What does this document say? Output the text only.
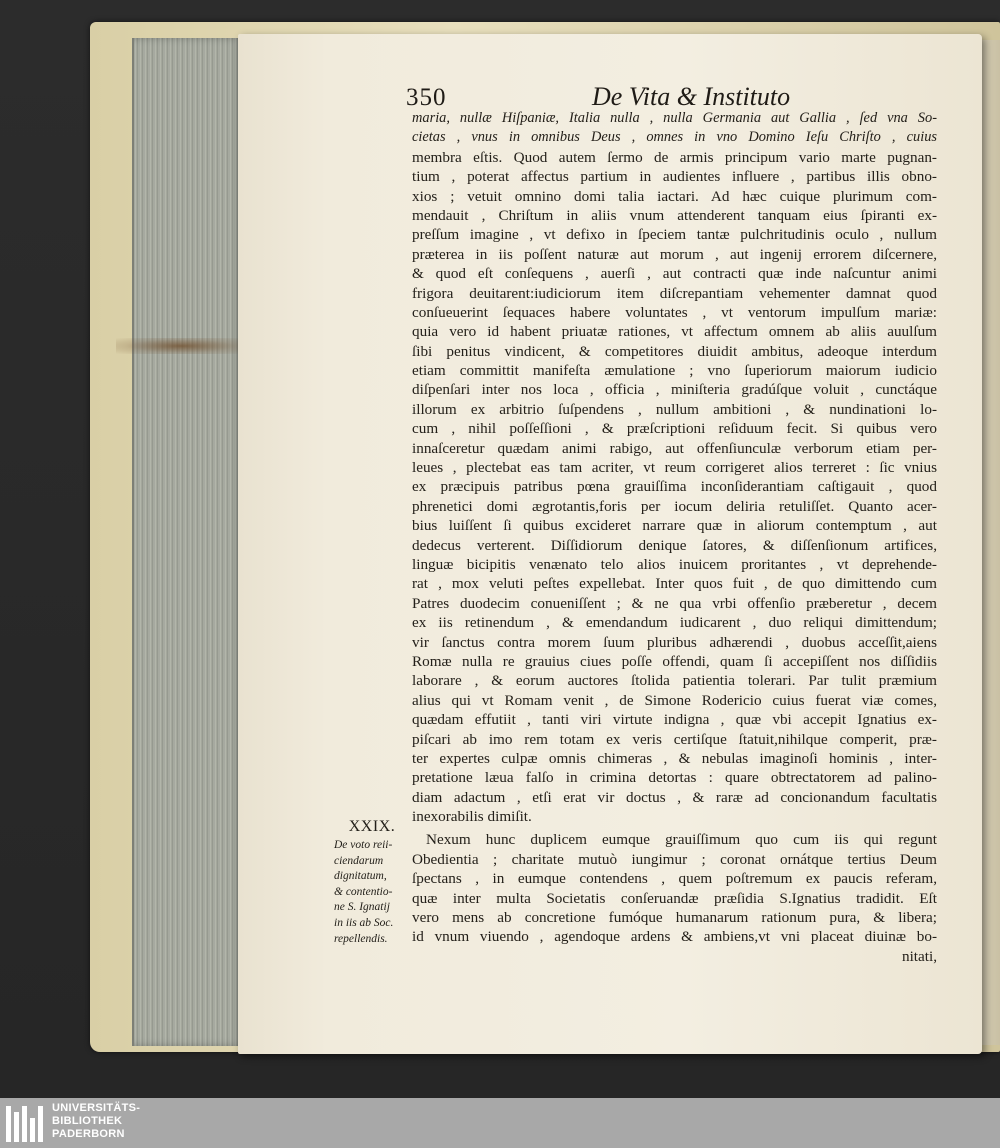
350	De Vita & Instituto
maria, nullæ Hiſpaniæ, Italia nulla , nulla Germania aut Gallia , ſed vna So-
cietas , vnus in omnibus Deus , omnes in vno Domino Ieſu Chriſto , cuius
membra eſtis. Quod autem ſermo de armis principum vario marte pugnan-
tium , poterat affectus partium in audientes influere , partibus illis obno-
xios ; vetuit omnino domi talia iactari. Ad hæc cuique plurimum com-
mendauit , Chriſtum in aliis vnum attenderent tanquam eius ſpiranti ex-
preſſum imagine , vt defixo in ſpeciem tantæ pulchritudinis oculo , nullum
præterea in iis poſſent naturæ aut morum , aut ingenij errorem diſcernere,
& quod eſt conſequens , auerſi , aut contracti quæ inde naſcuntur animi
frigora deuitarent:iudiciorum item diſcrepantiam vehementer damnat quod
conſueuerint ſequaces habere voluntates , vt ventorum impulſum mariæ:
quia vero id habent priuatæ rationes, vt affectum omnem ab aliis auulſum
ſibi penitus vindicent, & competitores diuidit ambitus, adeoque interdum
etiam committit manifeſta æmulatione ; vno ſuperiorum maiorum iudicio
diſpenſari inter nos loca , officia , miniſteria gradúſque voluit , cunctáque
illorum ex arbitrio ſuſpendens , nullum ambitioni , & nundinationi lo-
cum , nihil poſſeſſioni , & præſcriptioni reſiduum fecit. Si quibus vero
innaſceretur quædam animi rabigo, aut offenſiunculæ verborum etiam per-
leues , plectebat eas tam acriter, vt reum corrigeret alios terreret : ſic vnius
ex præcipuis patribus pœna grauiſſima inconſiderantiam caſtigauit , quod
phrenetici domi ægrotantis,foris per iocum deliria retuliſſet. Quanto acer-
bius luiſſent ſi quibus excideret narrare quæ in aliorum contemptum , aut
dedecus verterent. Diſſidiorum denique ſatores, & diſſenſionum artifices,
linguæ bicipitis venænato telo alios inuicem proritantes , vt deprehende-
rat , mox veluti peſtes expellebat. Inter quos fuit , de quo dimittendo cum
Patres duodecim conueniſſent ; & ne qua vrbi offenſio præberetur , decem
ex iis retinendum , & emendandum iudicarent , duo reliqui dimittendum;
vir ſanctus contra morem ſuum pluribus adhærendi , duobus acceſſit,aiens
Romæ nulla re grauius ciues poſſe offendi, quam ſi accepiſſent nos diſſidiis
laborare , & eorum auctores ſtolida patientia tolerari. Par tulit præmium
alius qui vt Romam venit , de Simone Rodericio cuius fuerat viæ comes,
quædam effutiit , tanti viri virtute indigna , quæ vbi accepit Ignatius ex-
piſcari ab imo rem totam ex veris certiſque ſtatuit,nihilque comperit, præ-
ter expertes culpæ omnis chimeras , & nebulas imaginoſi hominis , inter-
pretatione læua falſo in crimina detortas : quare obtrectatorem ad palino-
diam adactum , etſi erat vir doctus , & raræ ad concionandum facultatis
inexorabilis dimiſit.
Nexum hunc duplicem eumque grauiſſimum quo cum iis qui regunt
Obedientia ; charitate mutuò iungimur ; coronat ornátque tertius Deum
ſpectans , in eumque contendens , quem poſtremum ex paucis referam,
quæ inter multa Societatis conſeruandæ præſidia S.Ignatius tradidit. Eſt
vero mens ab concretione fumóque humanarum rationum pura, & libera;
id vnum viuendo , agendoque ardens & ambiens,vt vni placeat diuinæ bo-
nitati,
XXIX.
De voto reii-
ciendarum
dignitatum,
& contentio-
ne S. Ignatij
in iis ab Soc.
repellendis.
UNIVERSITÄTS-
BIBLIOTHEK
PADERBORN
